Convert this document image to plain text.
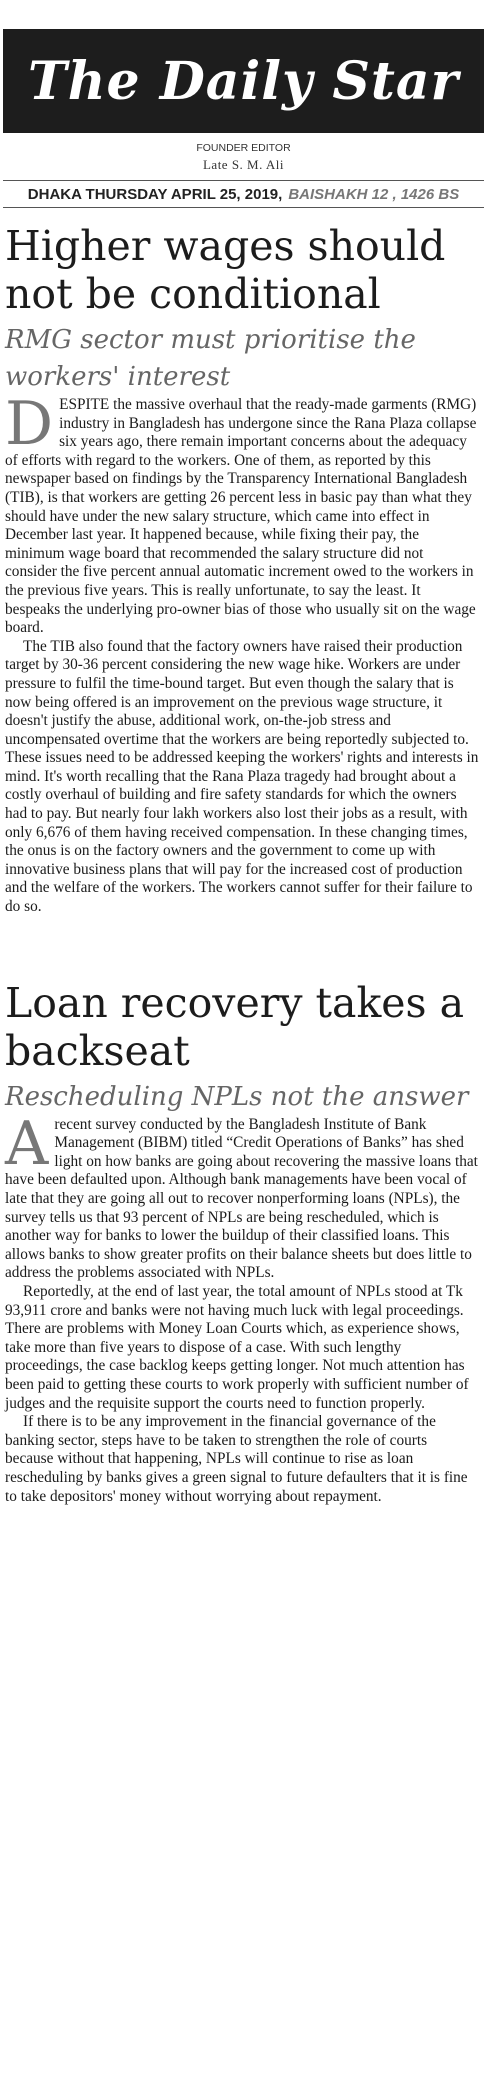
The Daily Star
FOUNDER EDITOR
Late S. M. Ali
DHAKA THURSDAY APRIL 25, 2019, BAISHAKH 12 , 1426 BS
Higher wages should not be conditional
RMG sector must prioritise the workers' interest

DESPITE the massive overhaul that the ready-made garments (RMG) industry in Bangladesh has undergone since the Rana Plaza collapse six years ago, there remain important concerns about the adequacy of efforts with regard to the workers. One of them, as reported by this newspaper based on findings by the Transparency International Bangladesh (TIB), is that workers are getting 26 percent less in basic pay than what they should have under the new salary structure, which came into effect in December last year. It happened because, while fixing their pay, the minimum wage board that recommended the salary structure did not consider the five percent annual automatic increment owed to the workers in the previous five years. This is really unfortunate, to say the least. It bespeaks the underlying pro-owner bias of those who usually sit on the wage board.

The TIB also found that the factory owners have raised their production target by 30-36 percent considering the new wage hike. Workers are under pressure to fulfil the time-bound target. But even though the salary that is now being offered is an improvement on the previous wage structure, it doesn't justify the abuse, additional work, on-the-job stress and uncompensated overtime that the workers are being reportedly subjected to. These issues need to be addressed keeping the workers' rights and interests in mind. It's worth recalling that the Rana Plaza tragedy had brought about a costly overhaul of building and fire safety standards for which the owners had to pay. But nearly four lakh workers also lost their jobs as a result, with only 6,676 of them having received compensation. In these changing times, the onus is on the factory owners and the government to come up with innovative business plans that will pay for the increased cost of production and the welfare of the workers. The workers cannot suffer for their failure to do so.

Loan recovery takes a backseat
Rescheduling NPLs not the answer

Arecent survey conducted by the Bangladesh Institute of Bank Management (BIBM) titled “Credit Operations of Banks” has shed light on how banks are going about recovering the massive loans that have been defaulted upon. Although bank managements have been vocal of late that they are going all out to recover nonperforming loans (NPLs), the survey tells us that 93 percent of NPLs are being rescheduled, which is another way for banks to lower the buildup of their classified loans. This allows banks to show greater profits on their balance sheets but does little to address the problems associated with NPLs.

Reportedly, at the end of last year, the total amount of NPLs stood at Tk 93,911 crore and banks were not having much luck with legal proceedings. There are problems with Money Loan Courts which, as experience shows, take more than five years to dispose of a case. With such lengthy proceedings, the case backlog keeps getting longer. Not much attention has been paid to getting these courts to work properly with sufficient number of judges and the requisite support the courts need to function properly.

If there is to be any improvement in the financial governance of the banking sector, steps have to be taken to strengthen the role of courts because without that happening, NPLs will continue to rise as loan rescheduling by banks gives a green signal to future defaulters that it is fine to take depositors' money without worrying about repayment.
